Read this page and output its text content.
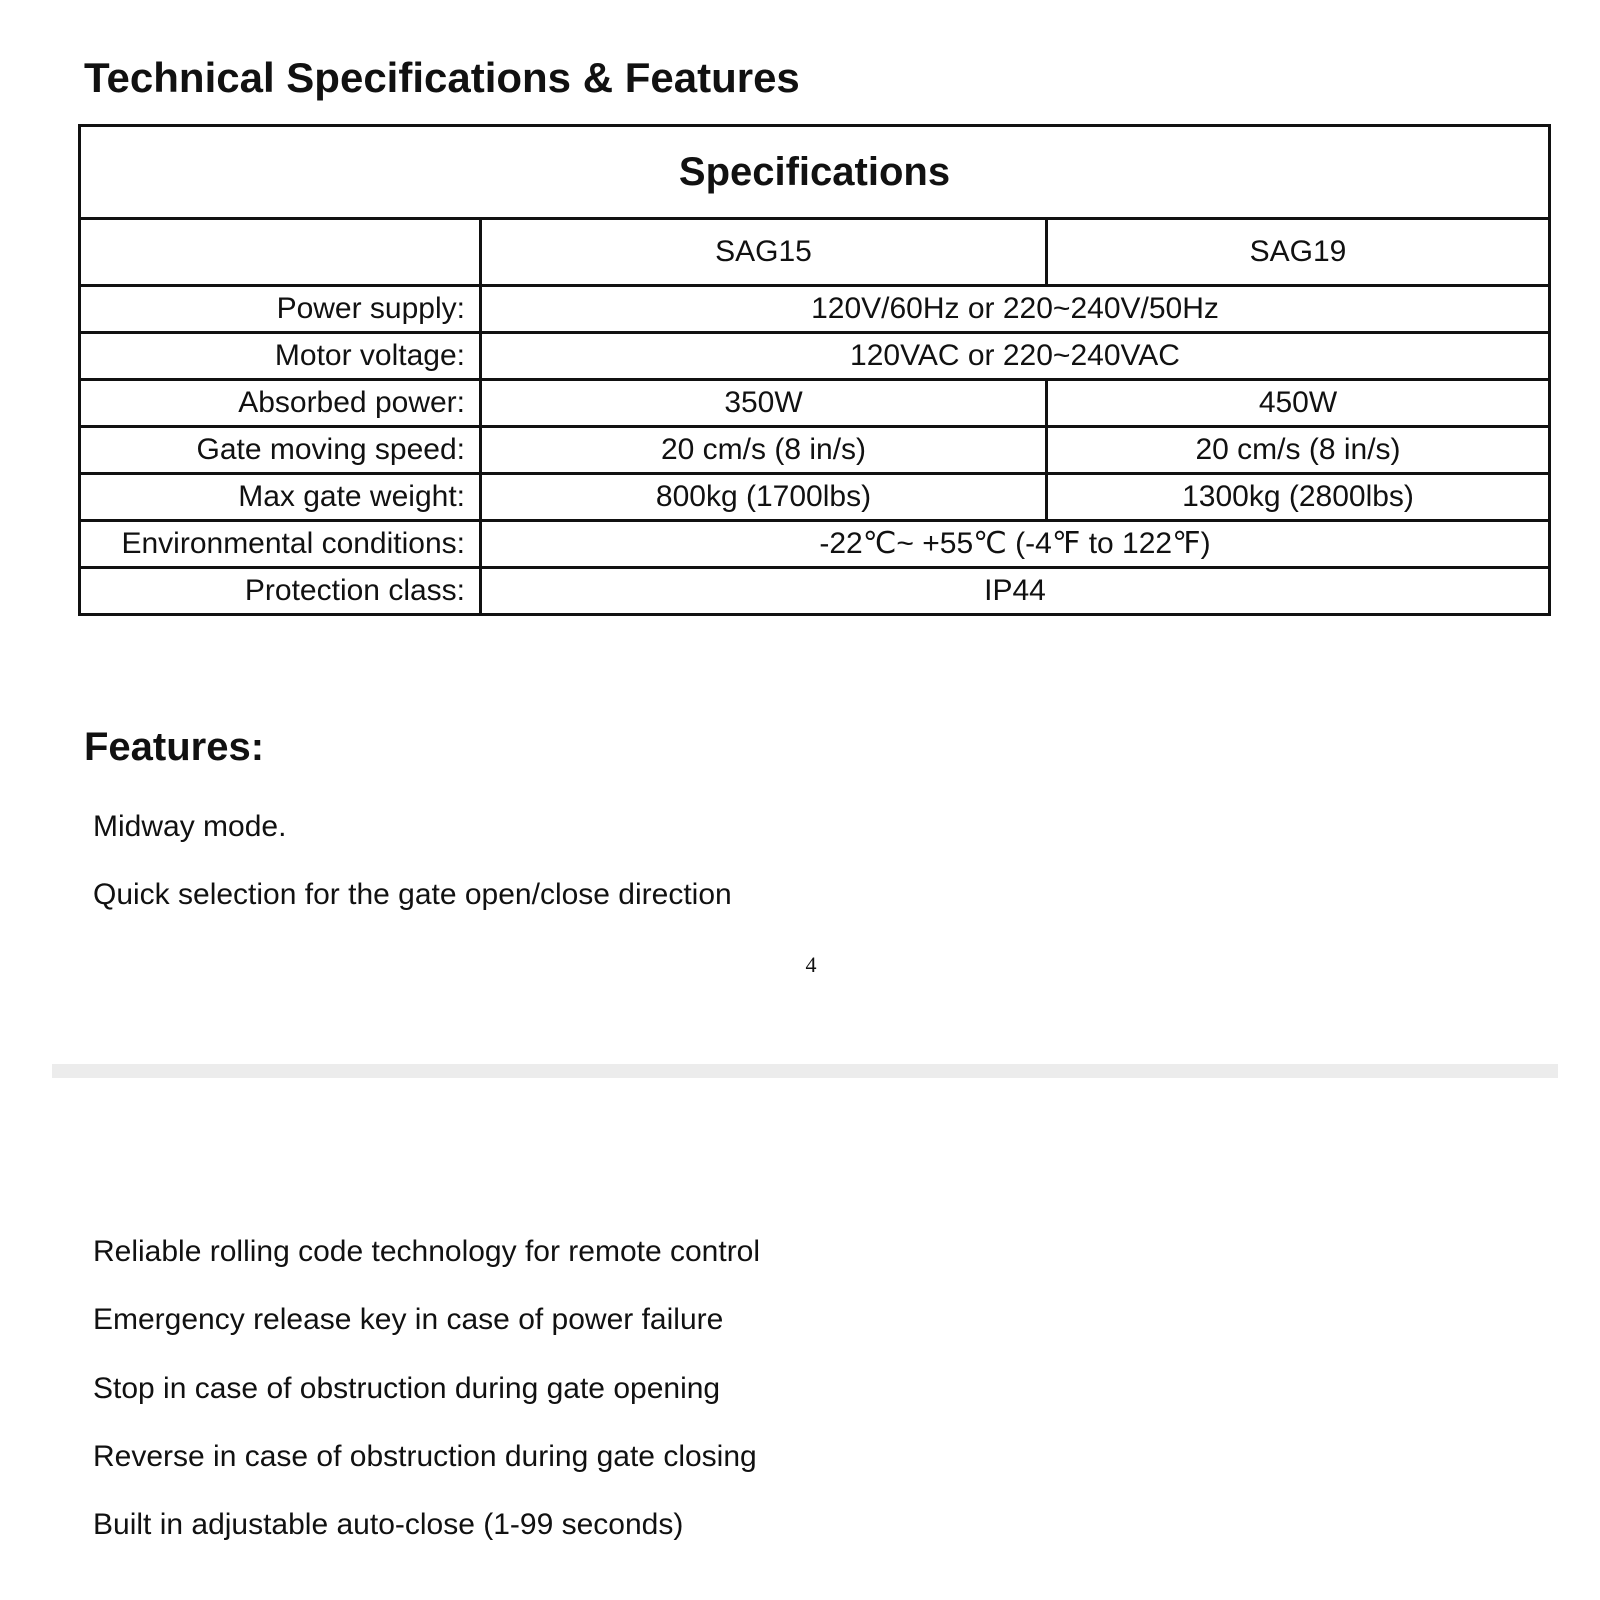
Technical Specifications & Features
Specifications		
	SAG15	SAG19
Power supply:	120V/60Hz or 220~240V/50Hz	
Motor voltage:	120VAC or 220~240VAC	
Absorbed power:	350W	450W
Gate moving speed:	20 cm/s (8 in/s)	20 cm/s (8 in/s)
Max gate weight:	800kg (1700lbs)	1300kg (2800lbs)
Environmental conditions:	-22℃~ +55℃ (-4℉ to 122℉)	
Protection class:	IP44	
Features:

Midway mode.

Quick selection for the gate open/close direction

4

Reliable rolling code technology for remote control

Emergency release key in case of power failure

Stop in case of obstruction during gate opening

Reverse in case of obstruction during gate closing

Built in adjustable auto-close (1-99 seconds)
